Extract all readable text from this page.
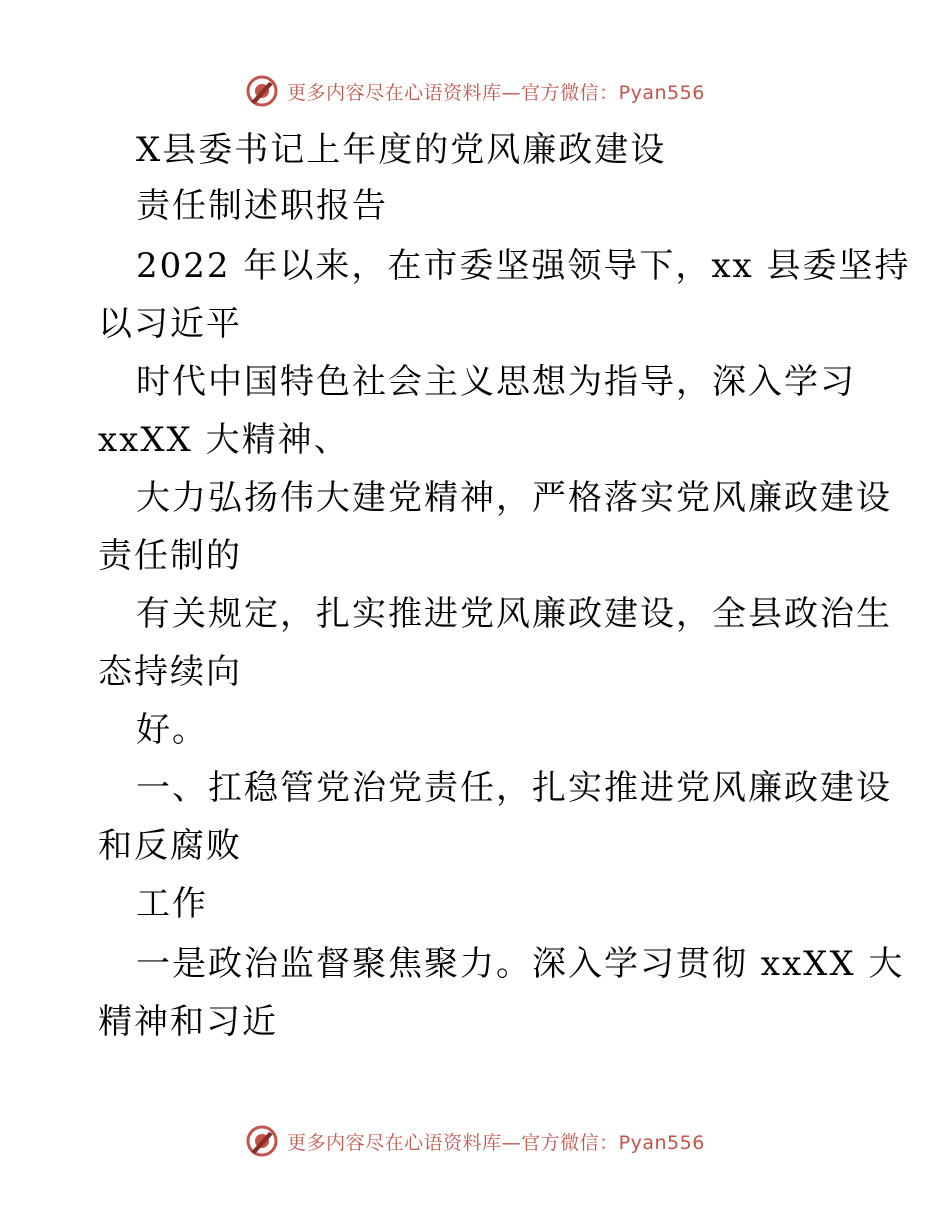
更多内容尽在心语资料库—官方微信：Pyan556
X县委书记上年度的党风廉政建设
责任制述职报告
2022 年以来，在市委坚强领导下，xx 县委坚持
以习近平
时代中国特色社会主义思想为指导，深入学习
xxXX 大精神、
大力弘扬伟大建党精神，严格落实党风廉政建设
责任制的
有关规定，扎实推进党风廉政建设，全县政治生
态持续向
好。
一、扛稳管党治党责任，扎实推进党风廉政建设
和反腐败
工作
一是政治监督聚焦聚力。深入学习贯彻 xxXX 大
精神和习近
更多内容尽在心语资料库—官方微信：Pyan556
